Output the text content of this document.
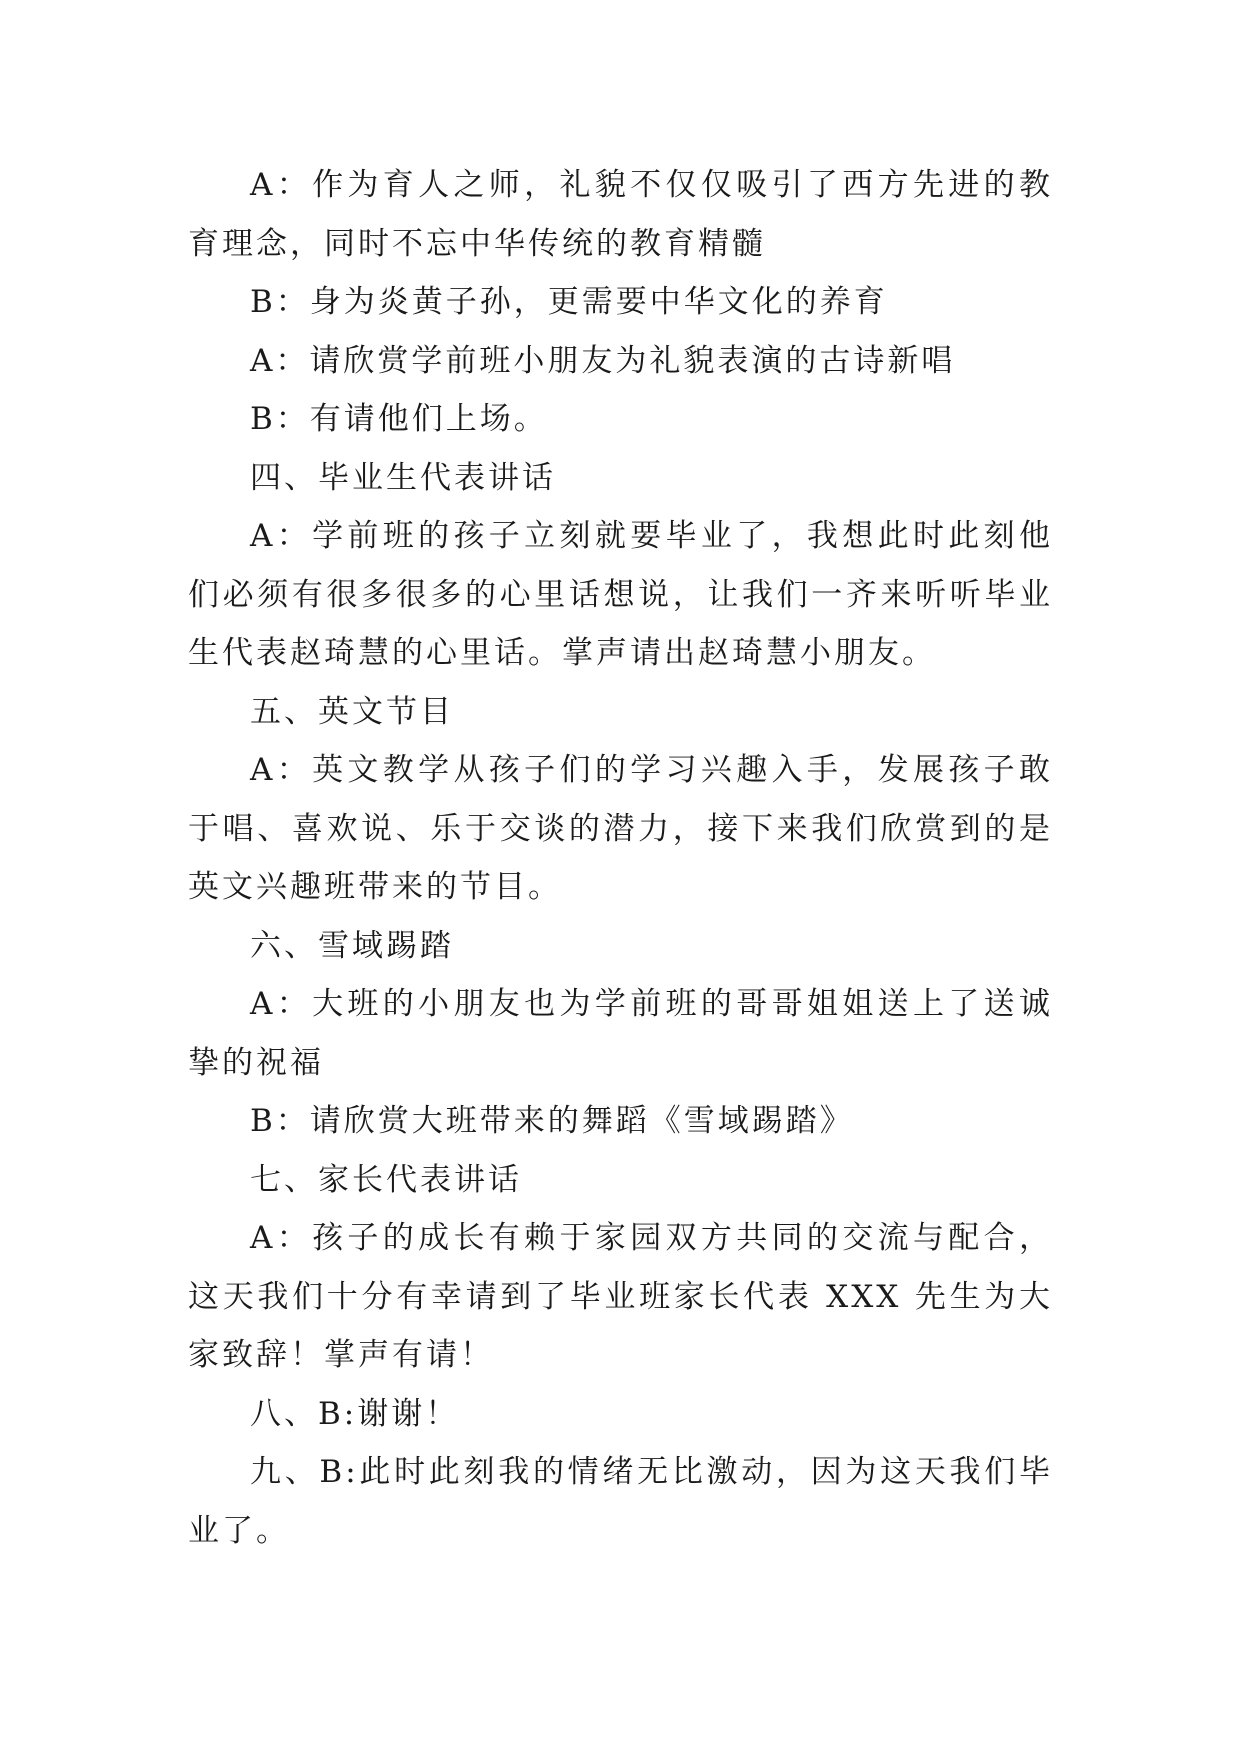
A：作为育人之师，礼貌不仅仅吸引了西方先进的教育理念，同时不忘中华传统的教育精髓

B：身为炎黄子孙，更需要中华文化的养育

A：请欣赏学前班小朋友为礼貌表演的古诗新唱

B：有请他们上场。

四、毕业生代表讲话

A：学前班的孩子立刻就要毕业了，我想此时此刻他们必须有很多很多的心里话想说，让我们一齐来听听毕业生代表赵琦慧的心里话。掌声请出赵琦慧小朋友。

五、英文节目

A：英文教学从孩子们的学习兴趣入手，发展孩子敢于唱、喜欢说、乐于交谈的潜力，接下来我们欣赏到的是英文兴趣班带来的节目。

六、雪域踢踏

A：大班的小朋友也为学前班的哥哥姐姐送上了送诚挚的祝福

B：请欣赏大班带来的舞蹈《雪域踢踏》

七、家长代表讲话

A：孩子的成长有赖于家园双方共同的交流与配合，这天我们十分有幸请到了毕业班家长代表 XXX 先生为大家致辞！掌声有请！

八、B:谢谢！

九、B:此时此刻我的情绪无比激动，因为这天我们毕业了。
